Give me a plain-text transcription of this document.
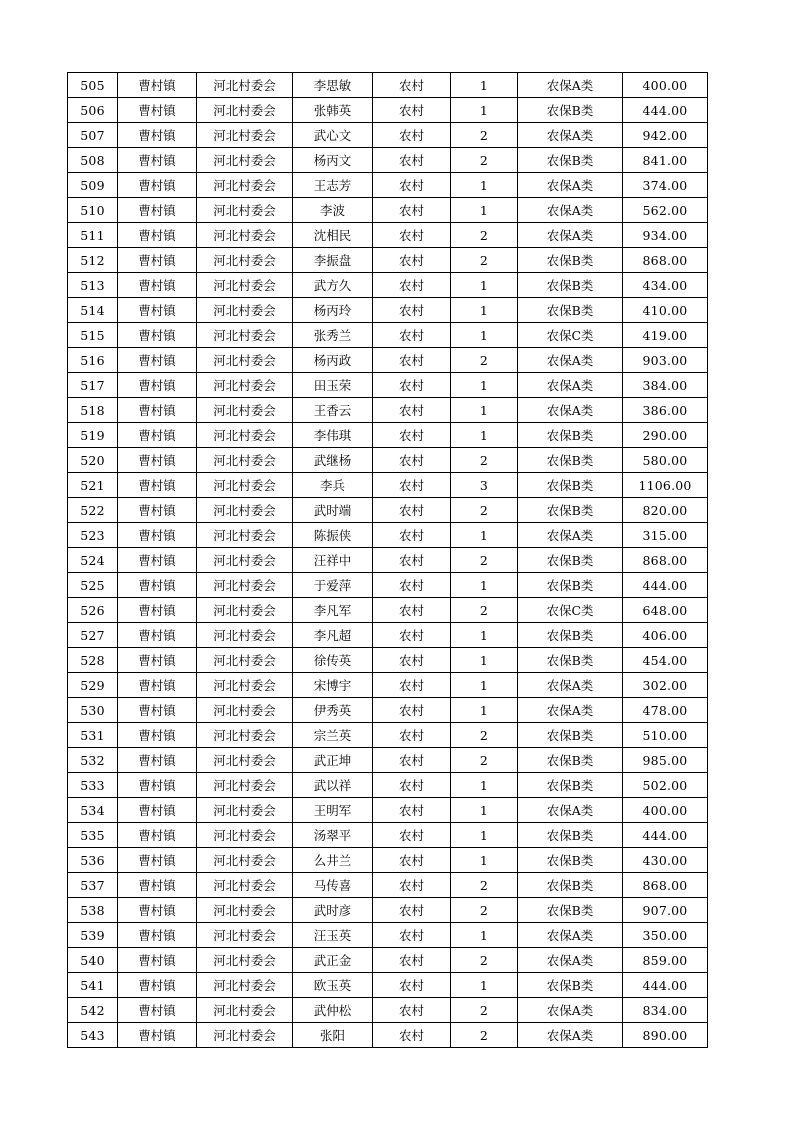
505	曹村镇	河北村委会	李思敏	农村	1	农保A类	400.00
506	曹村镇	河北村委会	张韩英	农村	1	农保B类	444.00
507	曹村镇	河北村委会	武心文	农村	2	农保A类	942.00
508	曹村镇	河北村委会	杨丙文	农村	2	农保B类	841.00
509	曹村镇	河北村委会	王志芳	农村	1	农保A类	374.00
510	曹村镇	河北村委会	李波	农村	1	农保A类	562.00
511	曹村镇	河北村委会	沈相民	农村	2	农保A类	934.00
512	曹村镇	河北村委会	李振盘	农村	2	农保B类	868.00
513	曹村镇	河北村委会	武方久	农村	1	农保B类	434.00
514	曹村镇	河北村委会	杨丙玲	农村	1	农保B类	410.00
515	曹村镇	河北村委会	张秀兰	农村	1	农保C类	419.00
516	曹村镇	河北村委会	杨丙政	农村	2	农保A类	903.00
517	曹村镇	河北村委会	田玉荣	农村	1	农保A类	384.00
518	曹村镇	河北村委会	王香云	农村	1	农保A类	386.00
519	曹村镇	河北村委会	李伟琪	农村	1	农保B类	290.00
520	曹村镇	河北村委会	武继杨	农村	2	农保B类	580.00
521	曹村镇	河北村委会	李兵	农村	3	农保B类	1106.00
522	曹村镇	河北村委会	武时端	农村	2	农保B类	820.00
523	曹村镇	河北村委会	陈振侠	农村	1	农保A类	315.00
524	曹村镇	河北村委会	汪祥中	农村	2	农保B类	868.00
525	曹村镇	河北村委会	于爱萍	农村	1	农保B类	444.00
526	曹村镇	河北村委会	李凡军	农村	2	农保C类	648.00
527	曹村镇	河北村委会	李凡超	农村	1	农保B类	406.00
528	曹村镇	河北村委会	徐传英	农村	1	农保B类	454.00
529	曹村镇	河北村委会	宋博宇	农村	1	农保A类	302.00
530	曹村镇	河北村委会	伊秀英	农村	1	农保A类	478.00
531	曹村镇	河北村委会	宗兰英	农村	2	农保B类	510.00
532	曹村镇	河北村委会	武正坤	农村	2	农保B类	985.00
533	曹村镇	河北村委会	武以祥	农村	1	农保B类	502.00
534	曹村镇	河北村委会	王明军	农村	1	农保A类	400.00
535	曹村镇	河北村委会	汤翠平	农村	1	农保B类	444.00
536	曹村镇	河北村委会	么井兰	农村	1	农保B类	430.00
537	曹村镇	河北村委会	马传喜	农村	2	农保B类	868.00
538	曹村镇	河北村委会	武时彦	农村	2	农保B类	907.00
539	曹村镇	河北村委会	汪玉英	农村	1	农保A类	350.00
540	曹村镇	河北村委会	武正金	农村	2	农保A类	859.00
541	曹村镇	河北村委会	欧玉英	农村	1	农保B类	444.00
542	曹村镇	河北村委会	武仲松	农村	2	农保A类	834.00
543	曹村镇	河北村委会	张阳	农村	2	农保A类	890.00
